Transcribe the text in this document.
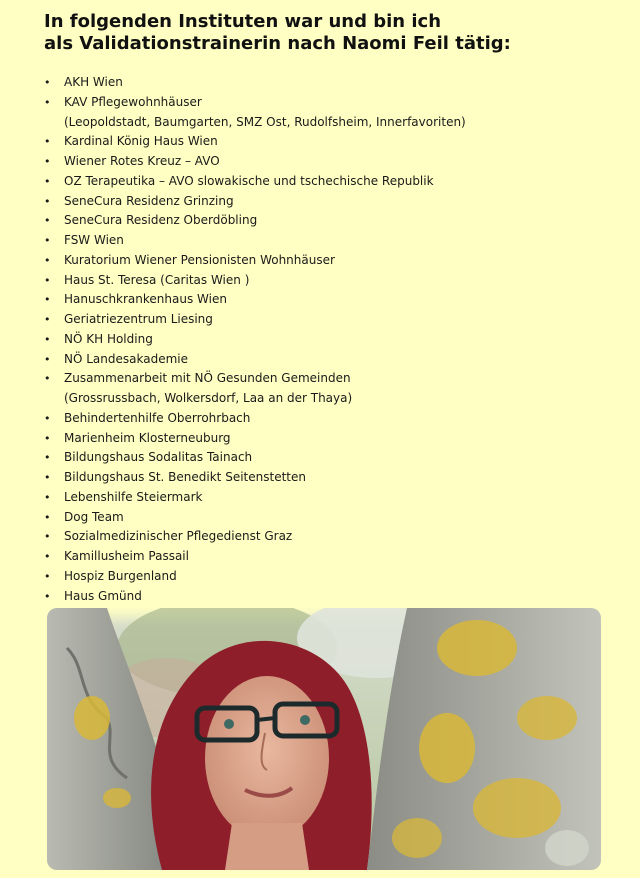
In folgenden Instituten war und bin ich
als Validationstrainerin nach Naomi Feil tätig:
• AKH Wien
• KAV Pflegewohnhäuser
(Leopoldstadt, Baumgarten, SMZ Ost, Rudolfsheim, Innerfavoriten)
• Kardinal König Haus Wien
• Wiener Rotes Kreuz – AVO
• OZ Terapeutika – AVO slowakische und tschechische Republik
• SeneCura Residenz Grinzing
• SeneCura Residenz Oberdöbling
• FSW Wien
• Kuratorium Wiener Pensionisten Wohnhäuser
• Haus St. Teresa (Caritas Wien )
• Hanuschkrankenhaus Wien
• Geriatriezentrum Liesing
• NÖ KH Holding
• NÖ Landesakademie
• Zusammenarbeit mit NÖ Gesunden Gemeinden
(Grossrussbach, Wolkersdorf, Laa an der Thaya)
• Behindertenhilfe Oberrohrbach
• Marienheim Klosterneuburg
• Bildungshaus Sodalitas Tainach
• Bildungshaus St. Benedikt Seitenstetten
• Lebenshilfe Steiermark
• Dog Team
• Sozialmedizinischer Pflegedienst Graz
• Kamillusheim Passail
• Hospiz Burgenland
• Haus Gmünd
